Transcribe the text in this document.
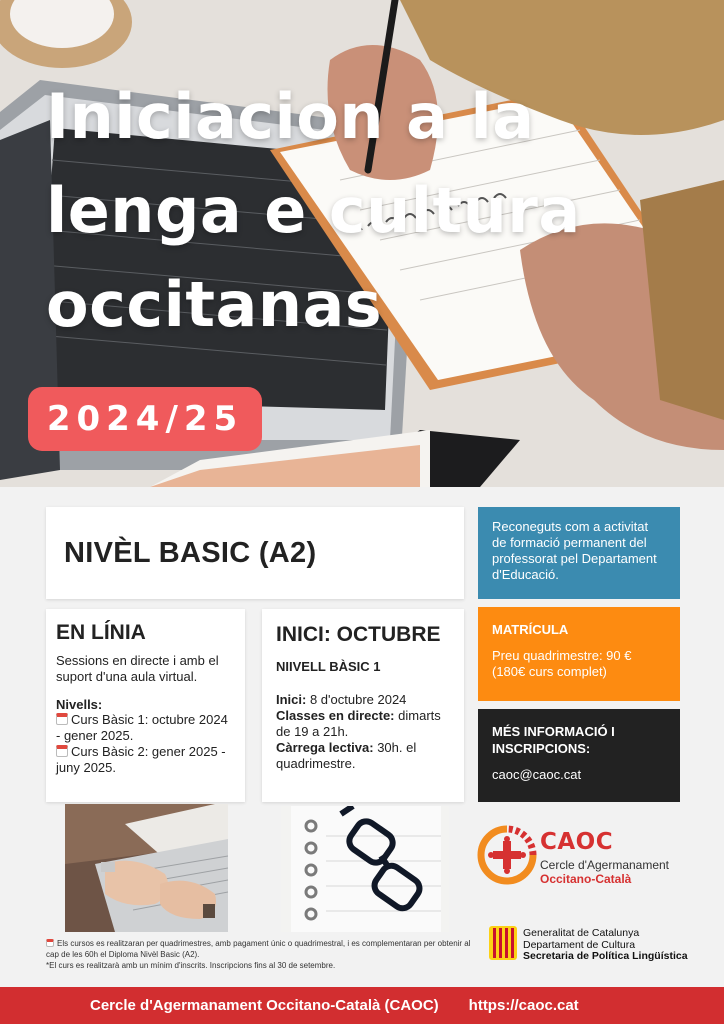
Iniciacion a la
lenga e cultura
occitanas
2024/25
NIVÈL BASIC (A2)
EN LÍNIA

Sessions en directe i amb el suport d'una aula virtual.

Nivells:

Curs Bàsic 1: octubre 2024 - gener 2025.

Curs Bàsic 2: gener 2025 - juny 2025.

INICI: OCTUBRE

NIIVELL BÀSIC 1

Inici: 8 d'octubre 2024

Classes en directe: dimarts de 19 a 21h.

Càrrega lectiva: 30h. el quadrimestre.

Reconeguts com a activitat de formació permanent del professorat pel Departament d'Educació.

MATRÍCULA

Preu quadrimestre: 90 € (180€ curs complet)

MÉS INFORMACIÓ I INSCRIPCIONS:

caoc@caoc.cat

CAOC
Cercle d'Agermanament
Occitano-Català
Generalitat de Catalunya
Departament de Cultura
Secretaria de Política Lingüística

Els cursos es realitzaran per quadrimestres, amb pagament únic o quadrimestral, i es complementaran per obtenir al cap de les 60h el Diploma Nivèl Basic (A2).

*El curs es realitzarà amb un mínim d'inscrits. Inscripcions fins al 30 de setembre.

Cercle d'Agermanament Occitano-Català (CAOC) https://caoc.cat
